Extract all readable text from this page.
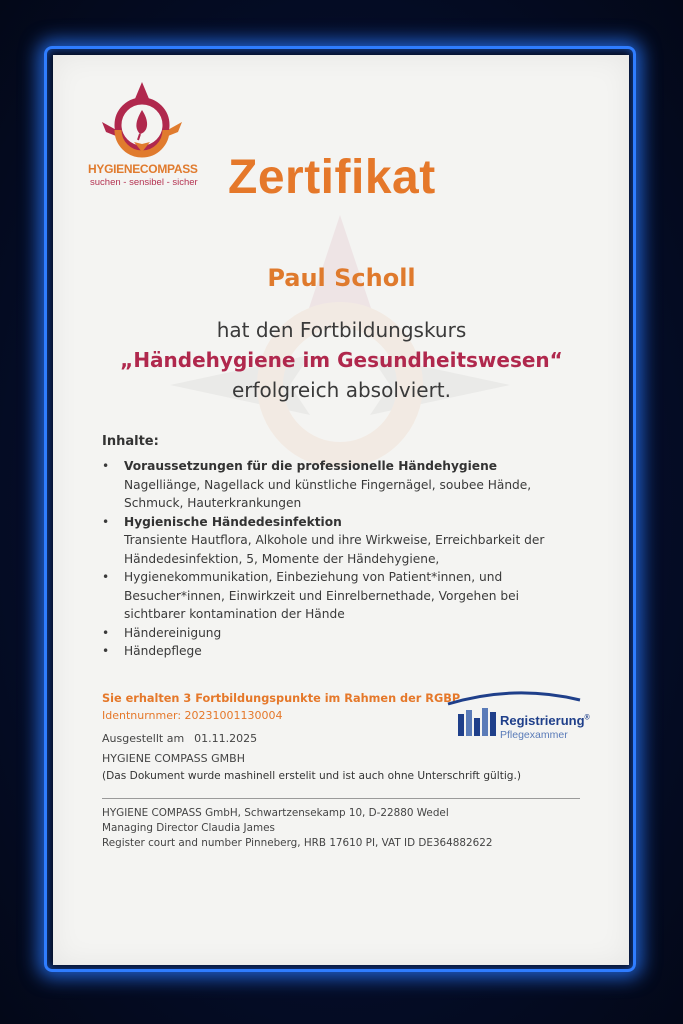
HYGIENECOMPASS
suchen - sensibel - sicher Zertifikat
Paul Scholl
hat den Fortbildungskurs
„Händehygiene im Gesundheitswesen“
erfolgreich absolviert.
Inhalte:
• Voraussetzungen für die professionelle Händehygiene
Nagelliänge, Nagellack und künstliche Fingernägel, soubee Hände, Schmuck, Hauterkrankungen
• Hygienische Händedesinfektion
Transiente Hautflora, Alkohole und ihre Wirkweise, Erreichbarkeit der Händedesinfektion, 5, Momente der Händehygiene,
• Hygienekommunikation, Einbeziehung von Patient*innen, und Besucher*innen, Einwirkzeit und Einrelbernethade, Vorgehen bei sichtbarer kontamination der Hände
• Händereinigung
• Händepflege
Sie erhalten 3 Fortbildungspunkte im Rahmen der RGBP
Identnurnmer: 20231001130004
Ausgestellt am 01.11.2025
HYGIENE COMPASS GMBH
(Das Dokument wurde mashinell erstelit und ist auch ohne Unterschrift gültig.)
Registrierung®
Pflegexammer
HYGIENE COMPASS GmbH, Schwartzensekamp 10, D-22880 Wedel
Managing Director Claudia James
Register court and number Pinneberg, HRB 17610 PI, VAT ID DE364882622
